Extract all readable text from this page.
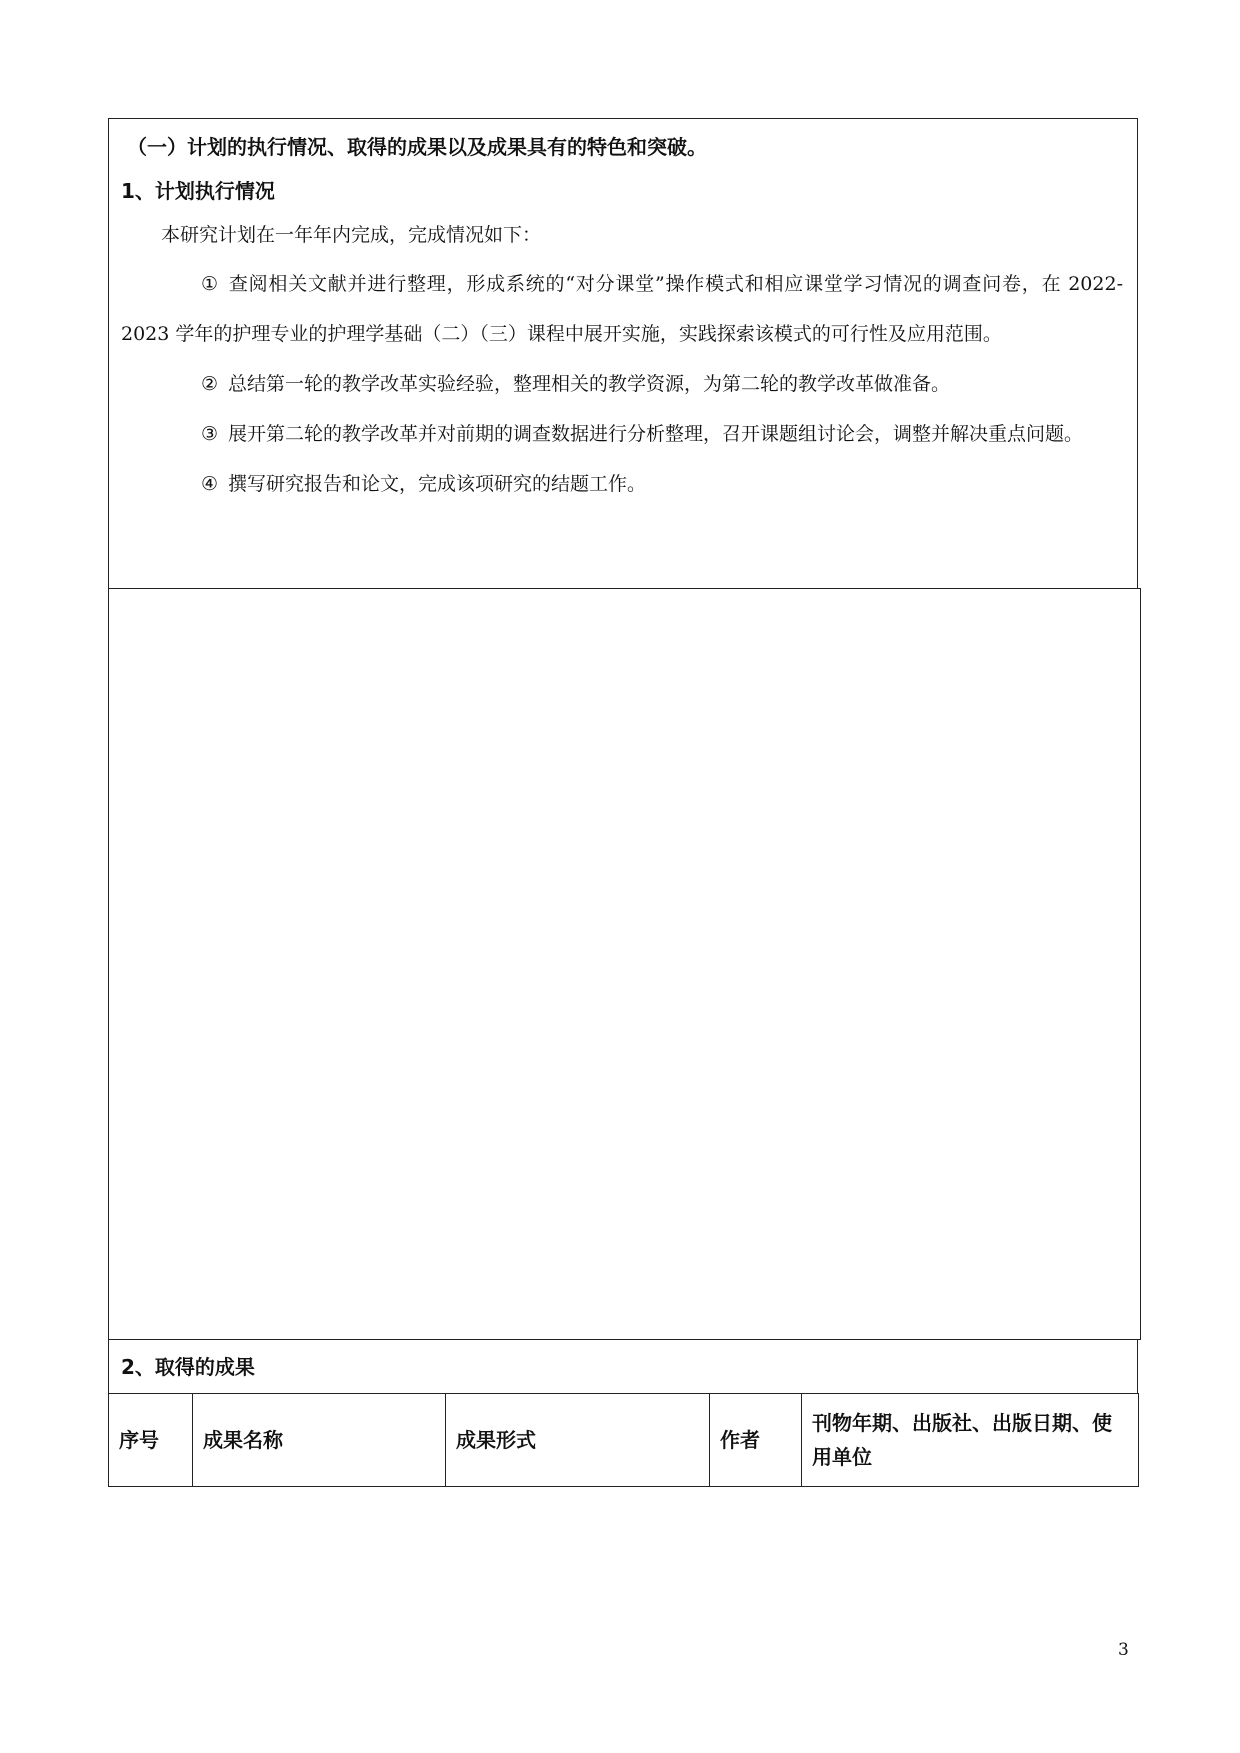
（一）计划的执行情况、取得的成果以及成果具有的特色和突破。

1、计划执行情况

本研究计划在一年年内完成，完成情况如下：

① 查阅相关文献并进行整理，形成系统的“对分课堂”操作模式和相应课堂学习情况的调查问卷，在 2022-2023 学年的护理专业的护理学基础（二）（三）课程中展开实施，实践探索该模式的可行性及应用范围。

② 总结第一轮的教学改革实验经验，整理相关的教学资源，为第二轮的教学改革做准备。

③ 展开第二轮的教学改革并对前期的调查数据进行分析整理，召开课题组讨论会，调整并解决重点问题。

④ 撰写研究报告和论文，完成该项研究的结题工作。

2、取得的成果
序号	成果名称	成果形式	作者	刊物年期、出版社、出版日期、使用单位
3
